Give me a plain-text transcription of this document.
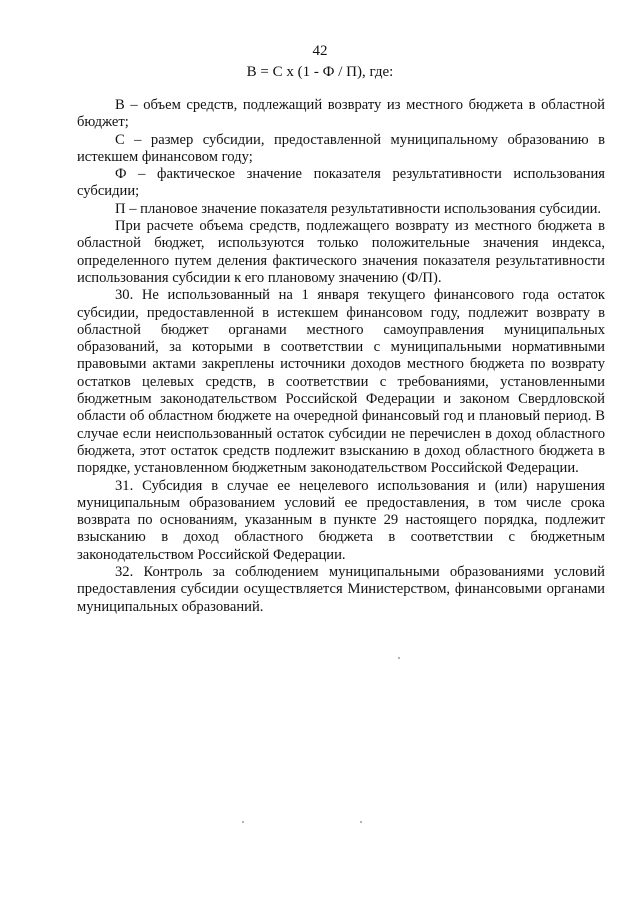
42
В = С х (1 - Ф / П), где:

В – объем средств, подлежащий возврату из местного бюджета в областной бюджет;

С – размер субсидии, предоставленной муниципальному образованию в истекшем финансовом году;

Ф – фактическое значение показателя результативности использования субсидии;

П – плановое значение показателя результативности использования субсидии.

При расчете объема средств, подлежащего возврату из местного бюджета в областной бюджет, используются только положительные значения индекса, определенного путем деления фактического значения показателя результативности использования субсидии к его плановому значению (Ф/П).

30. Не использованный на 1 января текущего финансового года остаток субсидии, предоставленной в истекшем финансовом году, подлежит возврату в областной бюджет органами местного самоуправления муниципальных образований, за которыми в соответствии с муниципальными нормативными правовыми актами закреплены источники доходов местного бюджета по возврату остатков целевых средств, в соответствии с требованиями, установленными бюджетным законодательством Российской Федерации и законом Свердловской области об областном бюджете на очередной финансовый год и плановый период. В случае если неиспользованный остаток субсидии не перечислен в доход областного бюджета, этот остаток средств подлежит взысканию в доход областного бюджета в порядке, установленном бюджетным законодательством Российской Федерации.

31. Субсидия в случае ее нецелевого использования и (или) нарушения муниципальным образованием условий ее предоставления, в том числе срока возврата по основаниям, указанным в пункте 29 настоящего порядка, подлежит взысканию в доход областного бюджета в соответствии с бюджетным законодательством Российской Федерации.

32. Контроль за соблюдением муниципальными образованиями условий предоставления субсидии осуществляется Министерством, финансовыми органами муниципальных образований.
